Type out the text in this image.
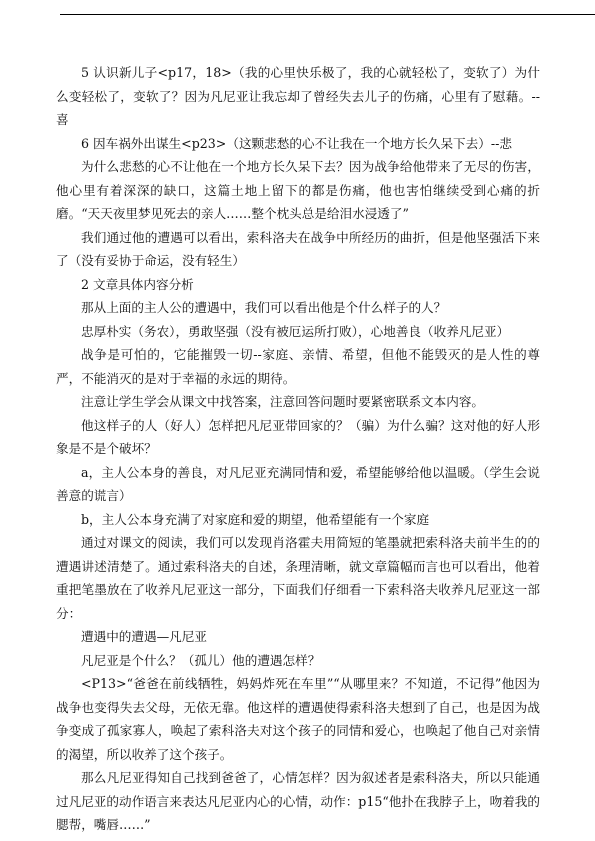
5 认识新儿子<p17，18>（我的心里快乐极了，我的心就轻松了，变软了）为什么变轻松了，变软了？因为凡尼亚让我忘却了曾经失去儿子的伤痛，心里有了慰藉。--喜

6 因车祸外出谋生<p23>（这颗悲愁的心不让我在一个地方长久呆下去）--悲

为什么悲愁的心不让他在一个地方长久呆下去？因为战争给他带来了无尽的伤害，他心里有着深深的缺口，这篇土地上留下的都是伤痛，他也害怕继续受到心痛的折磨。“天天夜里梦见死去的亲人……整个枕头总是给泪水浸透了”

我们通过他的遭遇可以看出，索科洛夫在战争中所经历的曲折，但是他坚强活下来了（没有妥协于命运，没有轻生）

2 文章具体内容分析

那从上面的主人公的遭遇中，我们可以看出他是个什么样子的人？

忠厚朴实（务农），勇敢坚强（没有被厄运所打败），心地善良（收养凡尼亚）

战争是可怕的，它能摧毁一切--家庭、亲情、希望，但他不能毁灭的是人性的尊严，不能消灭的是对于幸福的永远的期待。

注意让学生学会从课文中找答案，注意回答问题时要紧密联系文本内容。

他这样子的人（好人）怎样把凡尼亚带回家的？（骗）为什么骗？这对他的好人形象是不是个破坏？

a，主人公本身的善良，对凡尼亚充满同情和爱，希望能够给他以温暖。（学生会说善意的谎言）

b，主人公本身充满了对家庭和爱的期望，他希望能有一个家庭

通过对课文的阅读，我们可以发现肖洛霍夫用简短的笔墨就把索科洛夫前半生的的遭遇讲述清楚了。通过索科洛夫的自述，条理清晰，就文章篇幅而言也可以看出，他着重把笔墨放在了收养凡尼亚这一部分，下面我们仔细看一下索科洛夫收养凡尼亚这一部分：

遭遇中的遭遇—凡尼亚

凡尼亚是个什么？（孤儿）他的遭遇怎样？

<P13>“爸爸在前线牺牲，妈妈炸死在车里”“从哪里来？不知道，不记得”他因为战争也变得失去父母，无依无靠。他这样的遭遇使得索科洛夫想到了自己，也是因为战争变成了孤家寡人，唤起了索科洛夫对这个孩子的同情和爱心，也唤起了他自己对亲情的渴望，所以收养了这个孩子。

那么凡尼亚得知自己找到爸爸了，心情怎样？因为叙述者是索科洛夫，所以只能通过凡尼亚的动作语言来表达凡尼亚内心的心情，动作：p15“他扑在我脖子上，吻着我的腮帮，嘴唇……”
